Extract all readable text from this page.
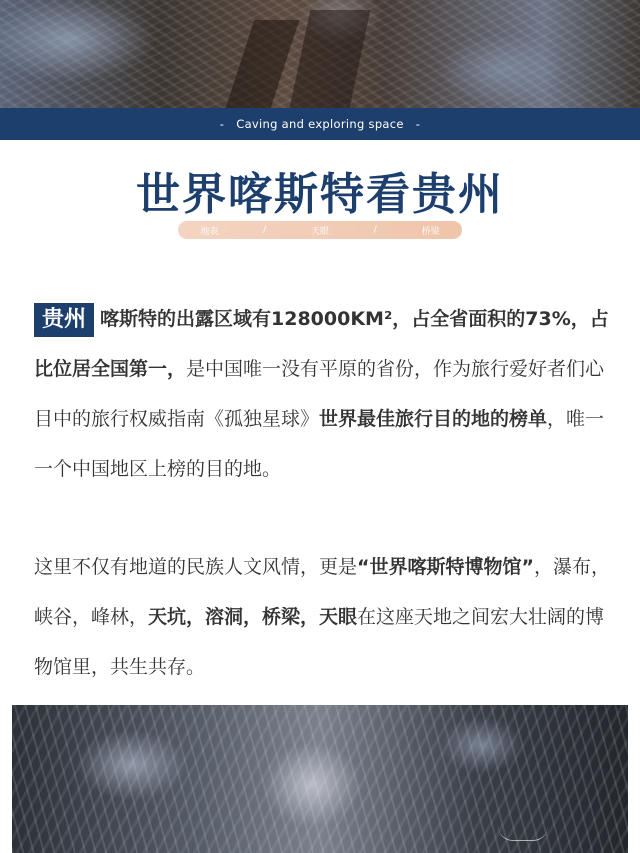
- Caving and exploring space -
世界喀斯特看贵州
地表	/	天眼	/	桥梁
贵州 喀斯特的出露区域有128000KM²，占全省面积的73%，占比位居全国第一，是中国唯一没有平原的省份，作为旅行爱好者们心目中的旅行权威指南《孤独星球》世界最佳旅行目的地的榜单，唯一一个中国地区上榜的目的地。
这里不仅有地道的民族人文风情，更是“世界喀斯特博物馆”，瀑布，峡谷，峰林，天坑，溶洞，桥梁，天眼在这座天地之间宏大壮阔的博物馆里，共生共存。
